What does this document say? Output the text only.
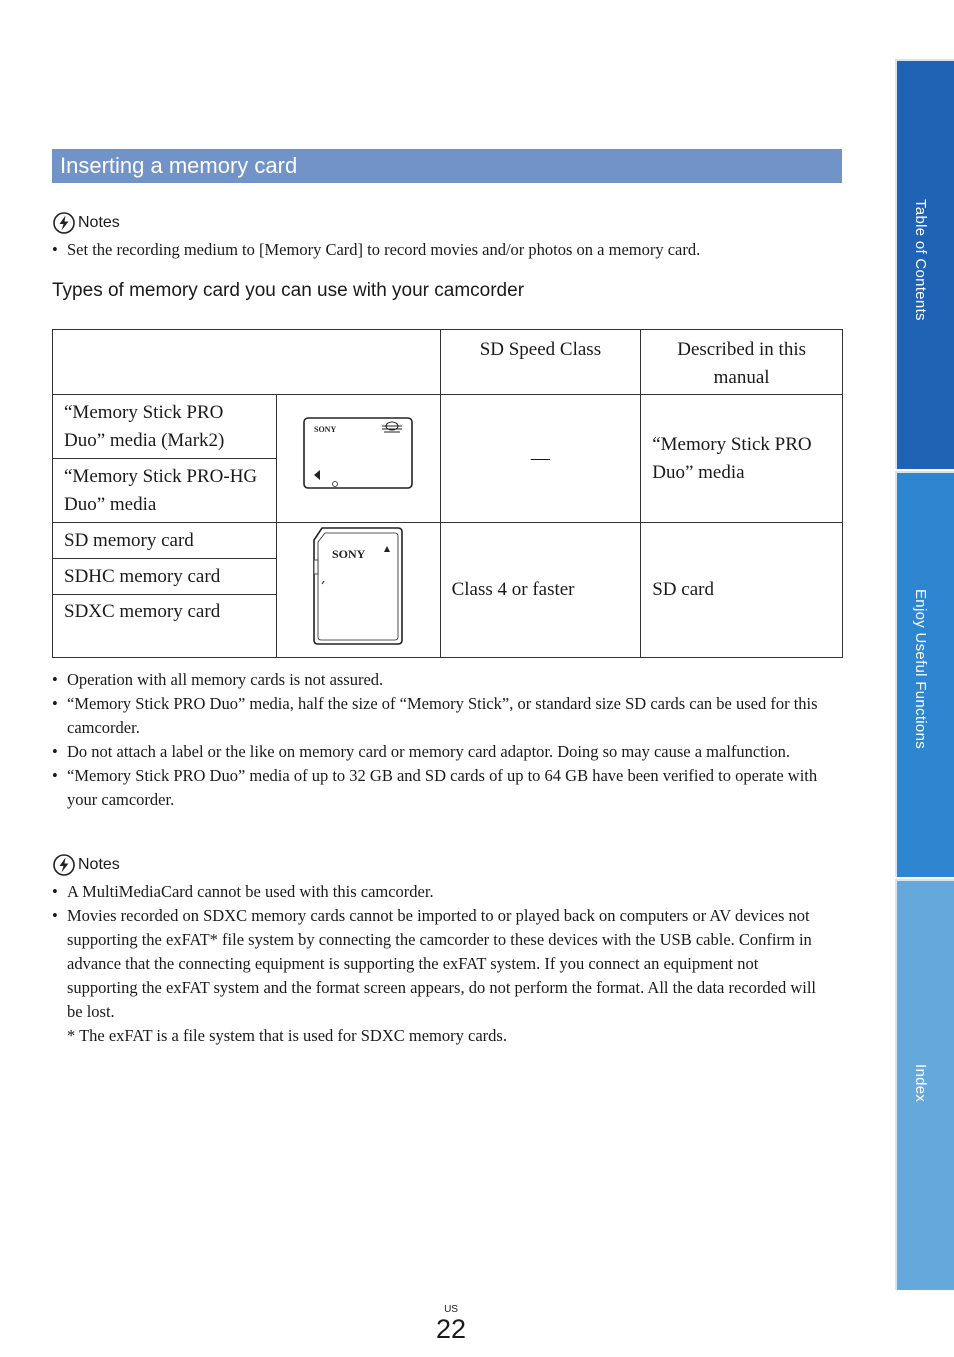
Inserting a memory card
Notes
• Set the recording medium to [Memory Card] to record movies and/or photos on a memory card.
Types of memory card you can use with your camcorder
		SD Speed Class	Described in this manual
“Memory Stick PRO Duo” media (Mark2)	SONY	—	“Memory Stick PRO Duo” media
“Memory Stick PRO-HG Duo” media			
SD memory card	SONY	Class 4 or faster	SD card
SDHC memory card			
SDXC memory card			
• Operation with all memory cards is not assured.
• “Memory Stick PRO Duo” media, half the size of “Memory Stick”, or standard size SD cards can be used for this camcorder.
• Do not attach a label or the like on memory card or memory card adaptor. Doing so may cause a malfunction.
• “Memory Stick PRO Duo” media of up to 32 GB and SD cards of up to 64 GB have been verified to operate with your camcorder.
Notes
• A MultiMediaCard cannot be used with this camcorder.
• Movies recorded on SDXC memory cards cannot be imported to or played back on computers or AV devices not supporting the exFAT* file system by connecting the camcorder to these devices with the USB cable. Confirm in advance that the connecting equipment is supporting the exFAT system. If you connect an equipment not supporting the exFAT system and the format screen appears, do not perform the format. All the data recorded will be lost.
* The exFAT is a file system that is used for SDXC memory cards.
Table of Contents
Enjoy Useful Functions
Index
US
22
